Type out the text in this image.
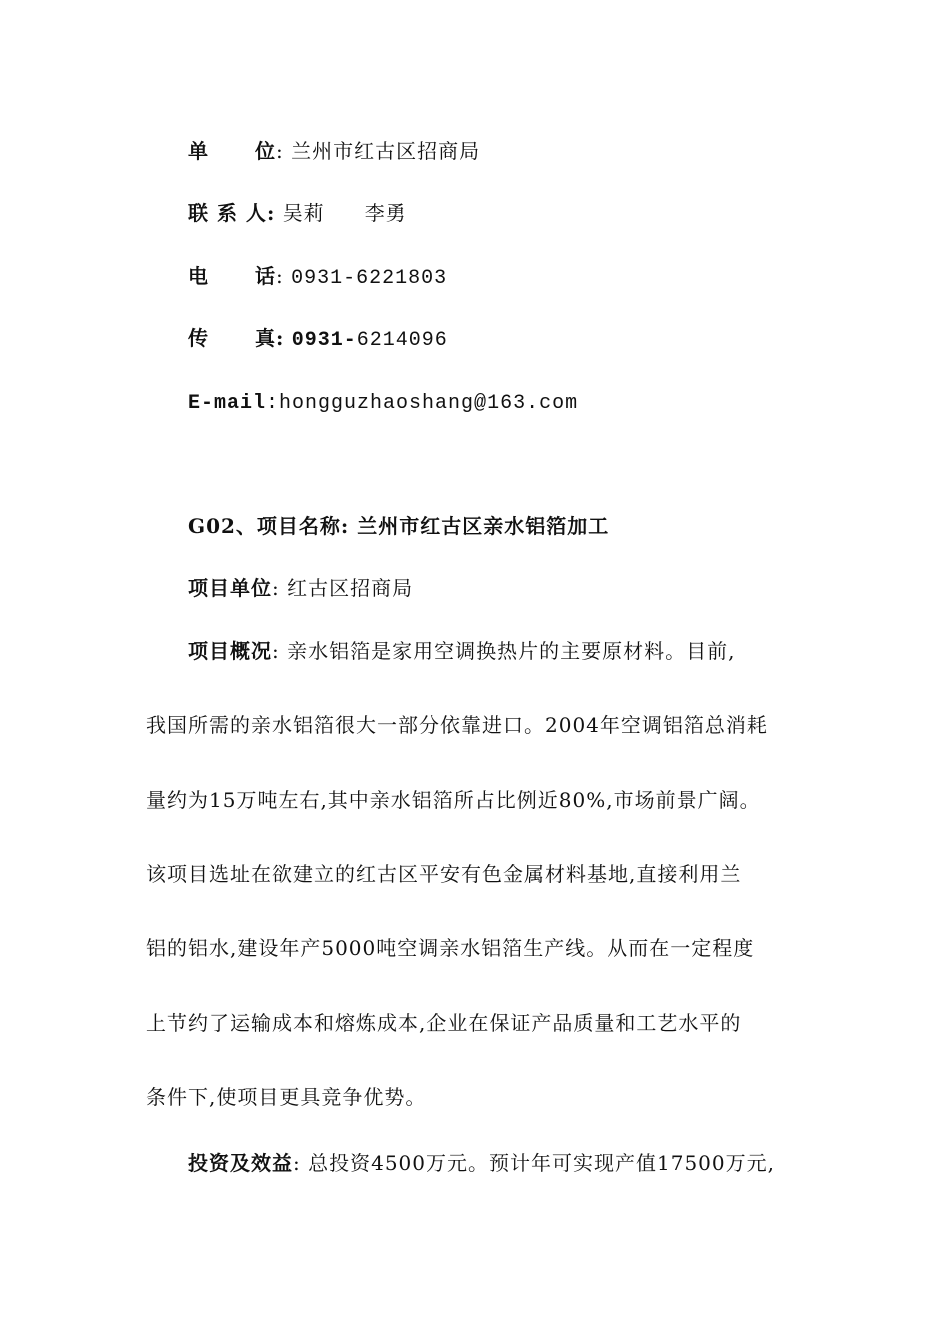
单 位: 兰州市红古区招商局
联 系 人: 吴莉 李勇
电 话: 0931-6221803
传 真: 0931-6214096
E-mail:hongguzhaoshang@163.com
G02、项目名称: 兰州市红古区亲水铝箔加工
项目单位: 红古区招商局
项目概况: 亲水铝箔是家用空调换热片的主要原材料。目前,
我国所需的亲水铝箔很大一部分依靠进口。2004年空调铝箔总消耗
量约为15万吨左右,其中亲水铝箔所占比例近80%,市场前景广阔。
该项目选址在欲建立的红古区平安有色金属材料基地,直接利用兰
铝的铝水,建设年产5000吨空调亲水铝箔生产线。从而在一定程度
上节约了运输成本和熔炼成本,企业在保证产品质量和工艺水平的
条件下,使项目更具竞争优势。
投资及效益: 总投资4500万元。预计年可实现产值17500万元,
